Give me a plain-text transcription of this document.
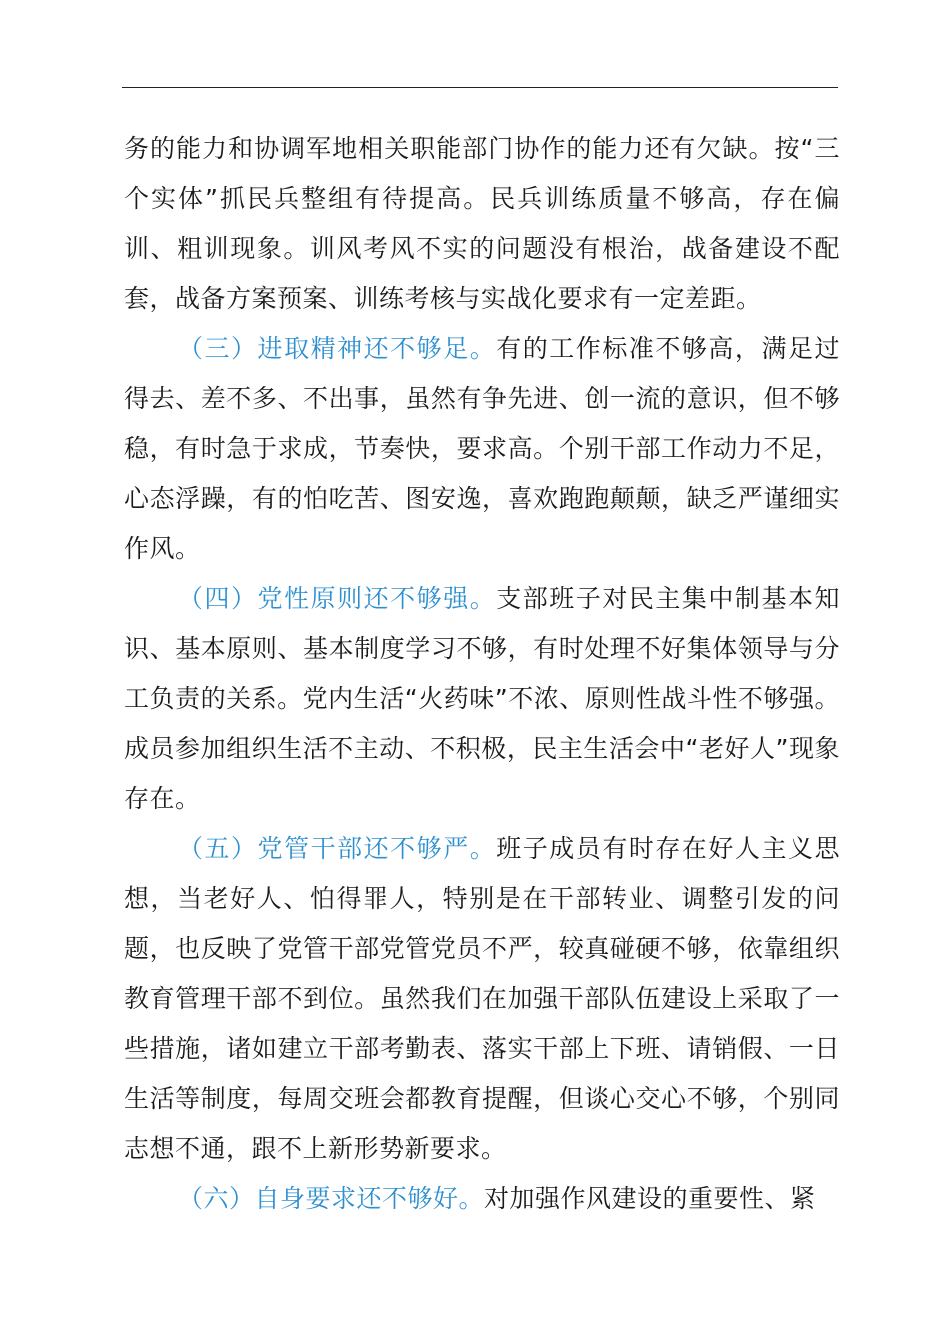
务的能力和协调军地相关职能部门协作的能力还有欠缺。按“三个实体”抓民兵整组有待提高。民兵训练质量不够高，存在偏训、粗训现象。训风考风不实的问题没有根治，战备建设不配套，战备方案预案、训练考核与实战化要求有一定差距。

（三）进取精神还不够足。有的工作标准不够高，满足过得去、差不多、不出事，虽然有争先进、创一流的意识，但不够稳，有时急于求成，节奏快，要求高。个别干部工作动力不足，心态浮躁，有的怕吃苦、图安逸，喜欢跑跑颠颠，缺乏严谨细实作风。

（四）党性原则还不够强。支部班子对民主集中制基本知识、基本原则、基本制度学习不够，有时处理不好集体领导与分工负责的关系。党内生活“火药味”不浓、原则性战斗性不够强。成员参加组织生活不主动、不积极，民主生活会中“老好人”现象存在。

（五）党管干部还不够严。班子成员有时存在好人主义思想，当老好人、怕得罪人，特别是在干部转业、调整引发的问题，也反映了党管干部党管党员不严，较真碰硬不够，依靠组织教育管理干部不到位。虽然我们在加强干部队伍建设上采取了一些措施，诸如建立干部考勤表、落实干部上下班、请销假、一日生活等制度，每周交班会都教育提醒，但谈心交心不够，个别同志想不通，跟不上新形势新要求。

（六）自身要求还不够好。对加强作风建设的重要性、紧
